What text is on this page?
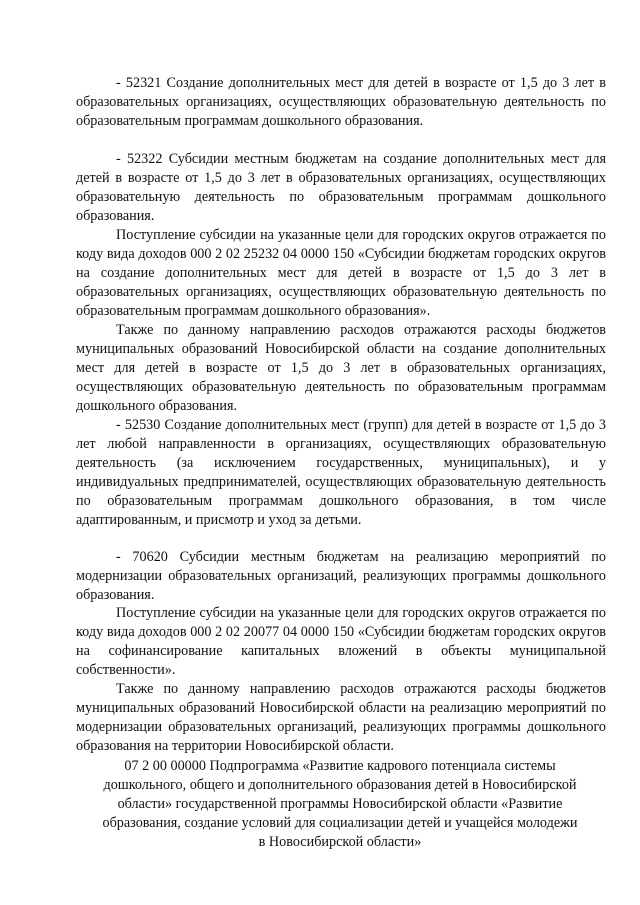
- 52321 Создание дополнительных мест для детей в возрасте от 1,5 до 3 лет в образовательных организациях, осуществляющих образовательную деятельность по образовательным программам дошкольного образования.

- 52322 Субсидии местным бюджетам на создание дополнительных мест для детей в возрасте от 1,5 до 3 лет в образовательных организациях, осуществляющих образовательную деятельность по образовательным программам дошкольного образования.

Поступление субсидии на указанные цели для городских округов отражается по коду вида доходов 000 2 02 25232 04 0000 150 «Субсидии бюджетам городских округов на создание дополнительных мест для детей в возрасте от 1,5 до 3 лет в образовательных организациях, осуществляющих образовательную деятельность по образовательным программам дошкольного образования».

Также по данному направлению расходов отражаются расходы бюджетов муниципальных образований Новосибирской области на создание дополнительных мест для детей в возрасте от 1,5 до 3 лет в образовательных организациях, осуществляющих образовательную деятельность по образовательным программам дошкольного образования.

- 52530 Создание дополнительных мест (групп) для детей в возрасте от 1,5 до 3 лет любой направленности в организациях, осуществляющих образовательную деятельность (за исключением государственных, муниципальных), и у индивидуальных предпринимателей, осуществляющих образовательную деятельность по образовательным программам дошкольного образования, в том числе адаптированным, и присмотр и уход за детьми.

- 70620 Субсидии местным бюджетам на реализацию мероприятий по модернизации образовательных организаций, реализующих программы дошкольного образования.

Поступление субсидии на указанные цели для городских округов отражается по коду вида доходов 000 2 02 20077 04 0000 150 «Субсидии бюджетам городских округов на софинансирование капитальных вложений в объекты муниципальной собственности».

Также по данному направлению расходов отражаются расходы бюджетов муниципальных образований Новосибирской области на реализацию мероприятий по модернизации образовательных организаций, реализующих программы дошкольного образования на территории Новосибирской области.

07 2 00 00000 Подпрограмма «Развитие кадрового потенциала системы дошкольного, общего и дополнительного образования детей в Новосибирской области» государственной программы Новосибирской области «Развитие образования, создание условий для социализации детей и учащейся молодежи в Новосибирской области»
